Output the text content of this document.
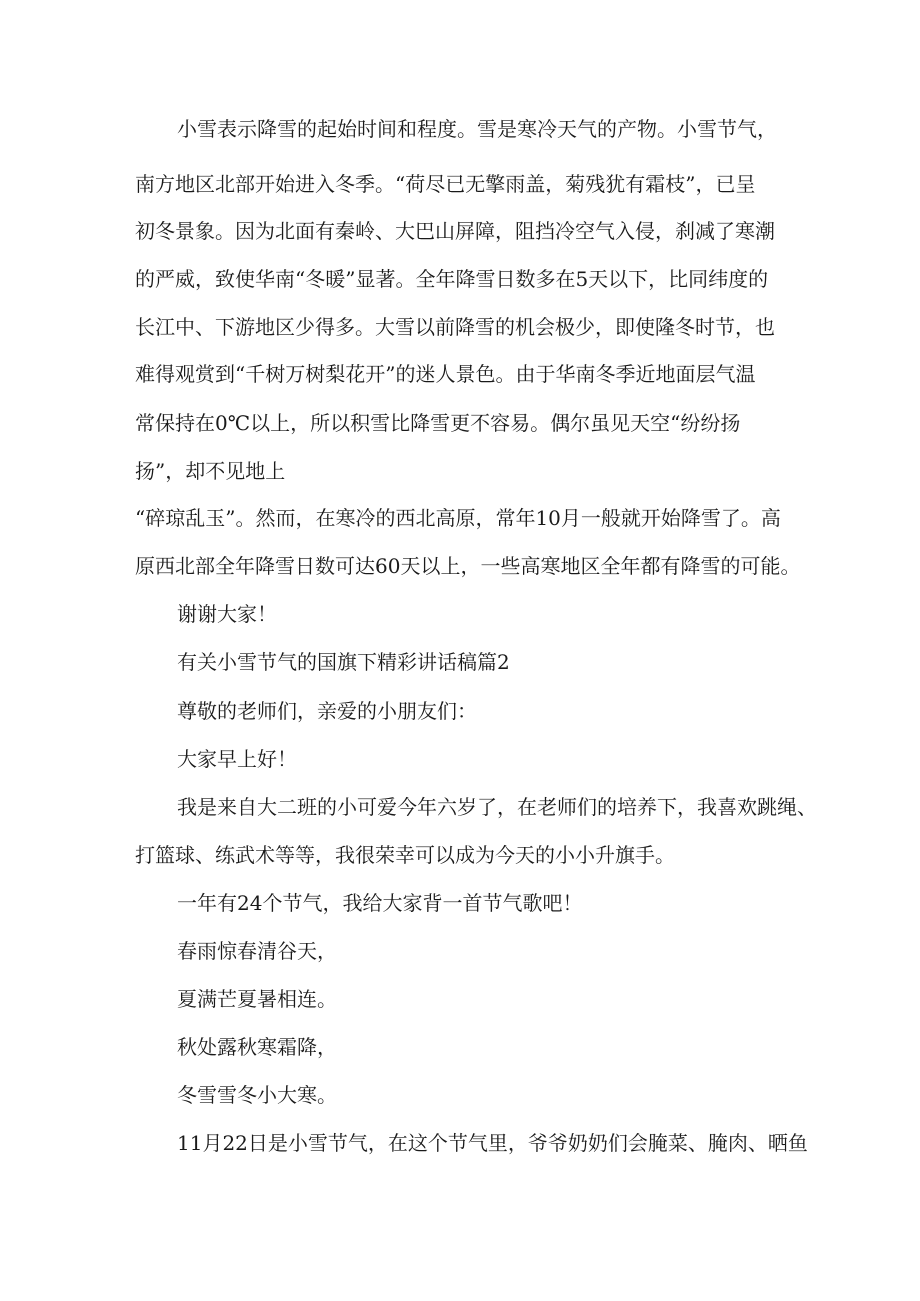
小雪表示降雪的起始时间和程度。雪是寒冷天气的产物。小雪节气，
南方地区北部开始进入冬季。“荷尽已无擎雨盖，菊残犹有霜枝”，已呈
初冬景象。因为北面有秦岭、大巴山屏障，阻挡冷空气入侵，刹减了寒潮
的严威，致使华南“冬暖”显著。全年降雪日数多在5天以下，比同纬度的
长江中、下游地区少得多。大雪以前降雪的机会极少，即使隆冬时节，也
难得观赏到“千树万树梨花开”的迷人景色。由于华南冬季近地面层气温
常保持在0℃以上，所以积雪比降雪更不容易。偶尔虽见天空“纷纷扬
扬”，却不见地上
“碎琼乱玉”。然而，在寒冷的西北高原，常年10月一般就开始降雪了。高
原西北部全年降雪日数可达60天以上，一些高寒地区全年都有降雪的可能。
谢谢大家！
有关小雪节气的国旗下精彩讲话稿篇2
尊敬的老师们，亲爱的小朋友们：
大家早上好！
我是来自大二班的小可爱今年六岁了，在老师们的培养下，我喜欢跳绳、
打篮球、练武术等等，我很荣幸可以成为今天的小小升旗手。
一年有24个节气，我给大家背一首节气歌吧！
春雨惊春清谷天，
夏满芒夏暑相连。
秋处露秋寒霜降，
冬雪雪冬小大寒。
11月22日是小雪节气，在这个节气里，爷爷奶奶们会腌菜、腌肉、晒鱼
